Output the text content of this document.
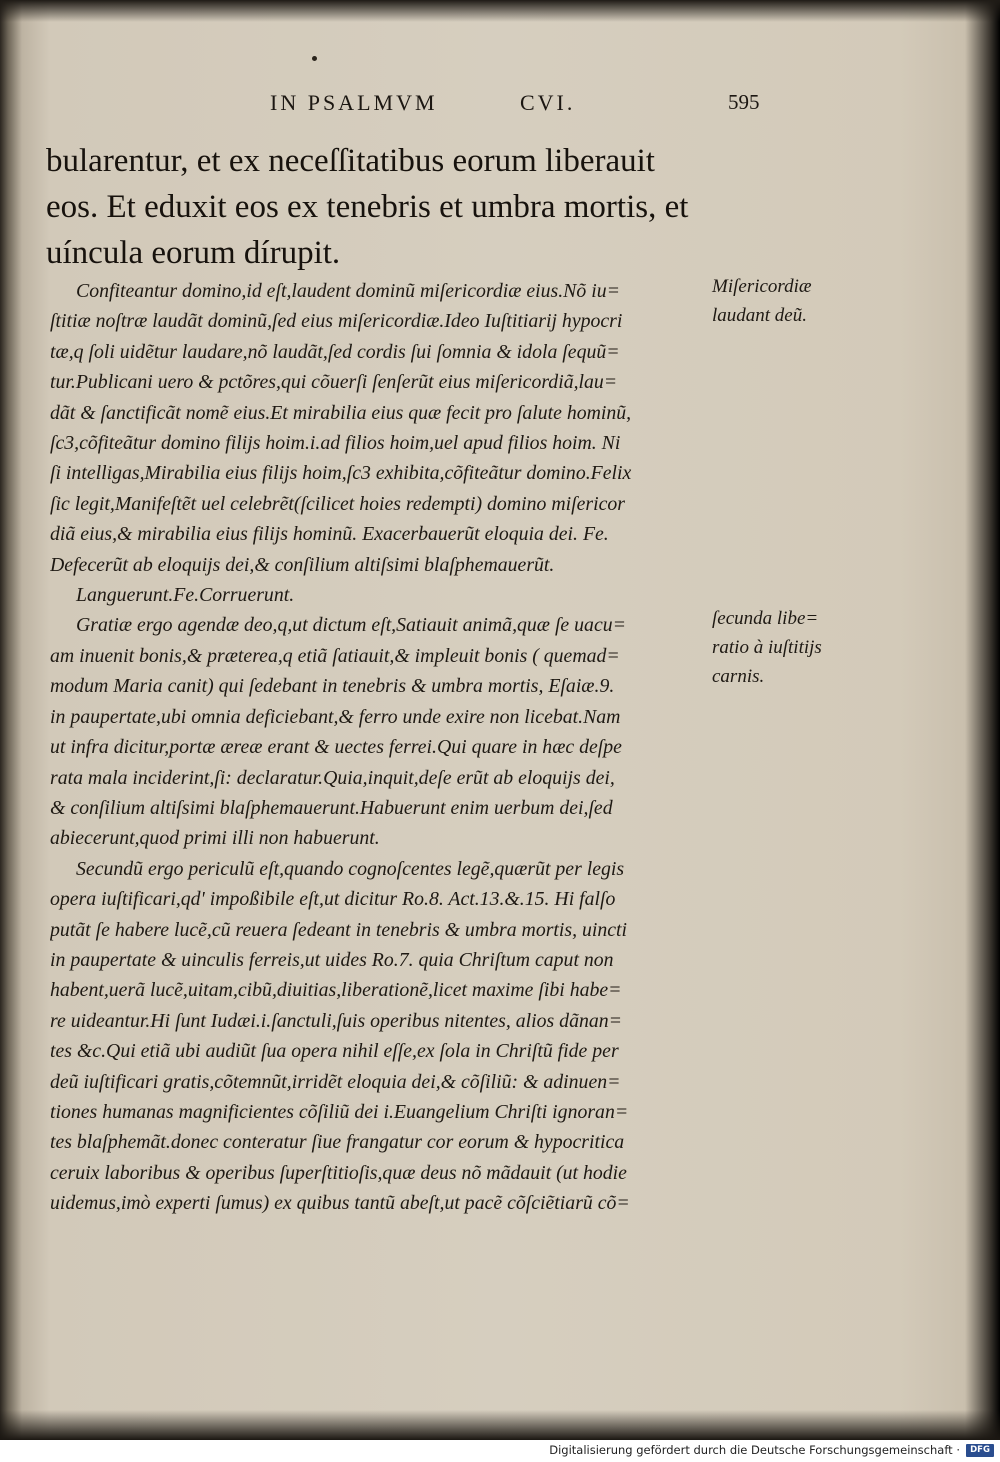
IN PSALMVM	CVI.	595
bularentur, et ex neceſſitatibus eorum liberauit
eos. Et eduxit eos ex tenebris et umbra mortis, et
uíncula eorum dírupit.
Confiteantur domino,id eſt,laudent dominũ miſericordiæ eius.Nõ iu=
ſtitiæ noſtræ laudãt dominũ,ſed eius miſericordiæ.Ideo Iuſtitiarij hypocri
tæ,q ſoli uidẽtur laudare,nõ laudãt,ſed cordis ſui ſomnia & idola ſequũ=
tur.Publicani uero & pctõres,qui cõuerſi ſenſerũt eius miſericordiã,lau=
dãt & ſanctificãt nomẽ eius.Et mirabilia eius quæ fecit pro ſalute hominũ,
ſc3,cõfiteãtur domino filijs hoim.i.ad filios hoim,uel apud filios hoim. Ni
ſi intelligas,Mirabilia eius filijs hoim,ſc3 exhibita,cõfiteãtur domino.Felix
ſic legit,Manifeſtẽt uel celebrẽt(ſcilicet hoies redempti) domino miſericor
diã eius,& mirabilia eius filijs hominũ. Exacerbauerũt eloquia dei. Fe.
Defecerũt ab eloquijs dei,& conſilium altiſsimi blaſphemauerũt.
Languerunt.Fe.Corruerunt.
Gratiæ ergo agendæ deo,q,ut dictum eſt,Satiauit animã,quæ ſe uacu=
am inuenit bonis,& præterea,q etiã ſatiauit,& impleuit bonis ( quemad=
modum Maria canit) qui ſedebant in tenebris & umbra mortis, Eſaiæ.9.
in paupertate,ubi omnia deficiebant,& ferro unde exire non licebat.Nam
ut infra dicitur,portæ æreæ erant & uectes ferrei.Qui quare in hæc deſpe
rata mala inciderint,ſi: declaratur.Quia,inquit,deſe erũt ab eloquijs dei,
& conſilium altiſsimi blaſphemauerunt.Habuerunt enim uerbum dei,ſed
abiecerunt,quod primi illi non habuerunt.
Secundũ ergo periculũ eſt,quando cognoſcentes legẽ,quærũt per legis
opera iuſtificari,qd' impoßibile eſt,ut dicitur Ro.8. Act.13.&.15. Hi falſo
putãt ſe habere lucẽ,cũ reuera ſedeant in tenebris & umbra mortis, uincti
in paupertate & uinculis ferreis,ut uides Ro.7. quia Chriſtum caput non
habent,uerã lucẽ,uitam,cibũ,diuitias,liberationẽ,licet maxime ſibi habe=
re uideantur.Hi ſunt Iudæi.i.ſanctuli,ſuis operibus nitentes, alios dãnan=
tes &c.Qui etiã ubi audiũt ſua opera nihil eſſe,ex ſola in Chriſtũ fide per
deũ iuſtificari gratis,cõtemnũt,irridẽt eloquia dei,& cõſiliũ: & adinuen=
tiones humanas magnificientes cõſiliũ dei i.Euangelium Chriſti ignoran=
tes blaſphemãt.donec conteratur ſiue frangatur cor eorum & hypocritica
ceruix laboribus & operibus ſuperſtitioſis,quæ deus nõ mãdauit (ut hodie
uidemus,imò experti ſumus) ex quibus tantũ abeſt,ut pacẽ cõſciẽtiarũ cõ=
Miſericordiæ
laudant deũ.
ſecunda libe=
ratio à iuſtitijs
carnis.
Digitalisierung gefördert durch die Deutsche Forschungsgemeinschaft ·	DFG
